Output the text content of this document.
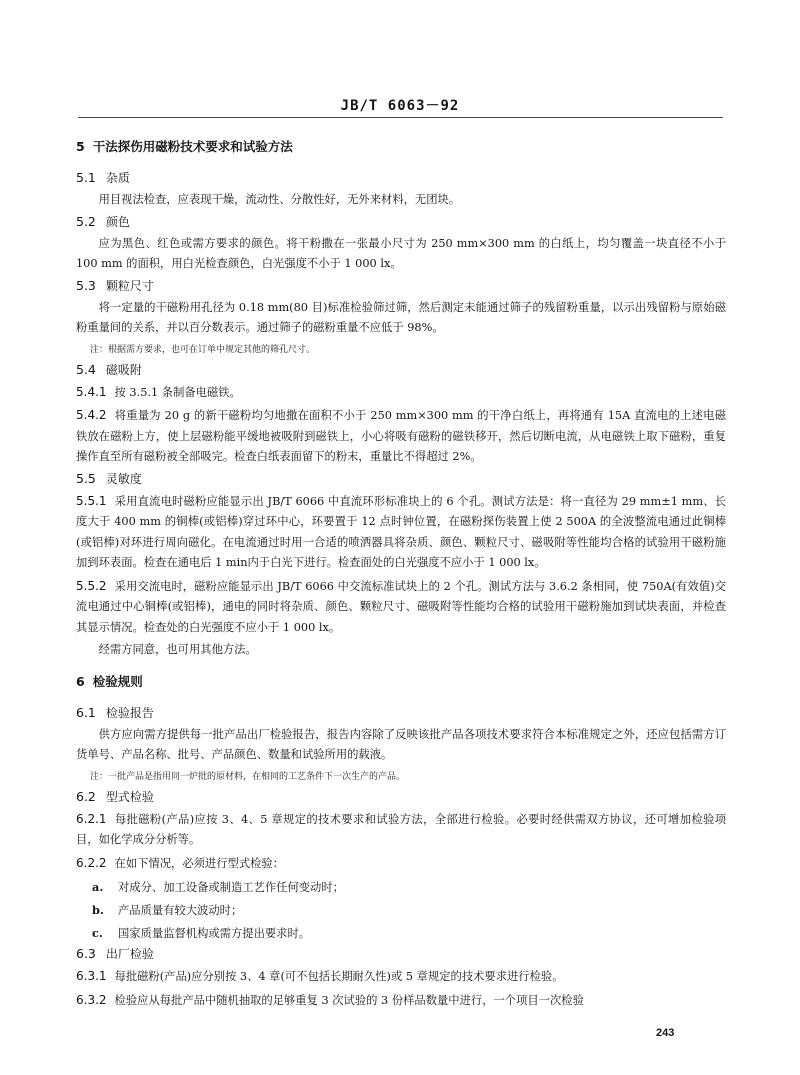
JB/T 6063－92
5 干法探伤用磁粉技术要求和试验方法
5.1 杂质
用目视法检查，应表现干燥，流动性、分散性好，无外来材料，无团块。
5.2 颜色
应为黑色、红色或需方要求的颜色。将干粉撒在一张最小尺寸为 250 mm×300 mm 的白纸上，均匀覆盖一块直径不小于 100 mm 的面积，用白光检查颜色，白光强度不小于 1 000 lx。
5.3 颗粒尺寸
将一定量的干磁粉用孔径为 0.18 mm(80 目)标准检验筛过筛，然后测定未能通过筛子的残留粉重量，以示出残留粉与原始磁粉重量间的关系，并以百分数表示。通过筛子的磁粉重量不应低于 98%。
注：根据需方要求，也可在订单中规定其他的筛孔尺寸。
5.4 磁吸附
5.4.1 按 3.5.1 条制备电磁铁。
5.4.2 将重量为 20 g 的新干磁粉均匀地撒在面积不小于 250 mm×300 mm 的干净白纸上，再将通有 15A 直流电的上述电磁铁放在磁粉上方，使上层磁粉能平缓地被吸附到磁铁上，小心将吸有磁粉的磁铁移开，然后切断电流，从电磁铁上取下磁粉，重复操作直至所有磁粉被全部吸完。检查白纸表面留下的粉末，重量比不得超过 2%。
5.5 灵敏度
5.5.1 采用直流电时磁粉应能显示出 JB/T 6066 中直流环形标准块上的 6 个孔。测试方法是：将一直径为 29 mm±1 mm、长度大于 400 mm 的铜棒(或铝棒)穿过环中心，环要置于 12 点时钟位置，在磁粉探伤装置上使 2 500A 的全波整流电通过此铜棒(或铝棒)对环进行周向磁化。在电流通过时用一合适的喷洒器具将杂质、颜色、颗粒尺寸、磁吸附等性能均合格的试验用干磁粉施加到环表面。检查在通电后 1 min内于白光下进行。检查面处的白光强度不应小于 1 000 lx。
5.5.2 采用交流电时，磁粉应能显示出 JB/T 6066 中交流标准试块上的 2 个孔。测试方法与 3.6.2 条相同，使 750A(有效值)交流电通过中心铜棒(或铝棒)，通电的同时将杂质、颜色、颗粒尺寸、磁吸附等性能均合格的试验用干磁粉施加到试块表面，并检查其显示情况。检查处的白光强度不应小于 1 000 lx。
经需方同意，也可用其他方法。
6 检验规则
6.1 检验报告
供方应向需方提供每一批产品出厂检验报告，报告内容除了反映该批产品各项技术要求符合本标准规定之外，还应包括需方订货单号、产品名称、批号、产品颜色、数量和试验所用的载液。
注：一批产品是指用同一炉批的原材料，在相同的工艺条件下一次生产的产品。
6.2 型式检验
6.2.1 每批磁粉(产品)应按 3、4、5 章规定的技术要求和试验方法，全部进行检验。必要时经供需双方协议，还可增加检验项目，如化学成分分析等。
6.2.2 在如下情况，必须进行型式检验：
a. 对成分、加工设备或制造工艺作任何变动时；
b. 产品质量有较大波动时；
c. 国家质量监督机构或需方提出要求时。
6.3 出厂检验
6.3.1 每批磁粉(产品)应分别按 3、4 章(可不包括长期耐久性)或 5 章规定的技术要求进行检验。
6.3.2 检验应从每批产品中随机抽取的足够重复 3 次试验的 3 份样品数量中进行，一个项目一次检验
243
